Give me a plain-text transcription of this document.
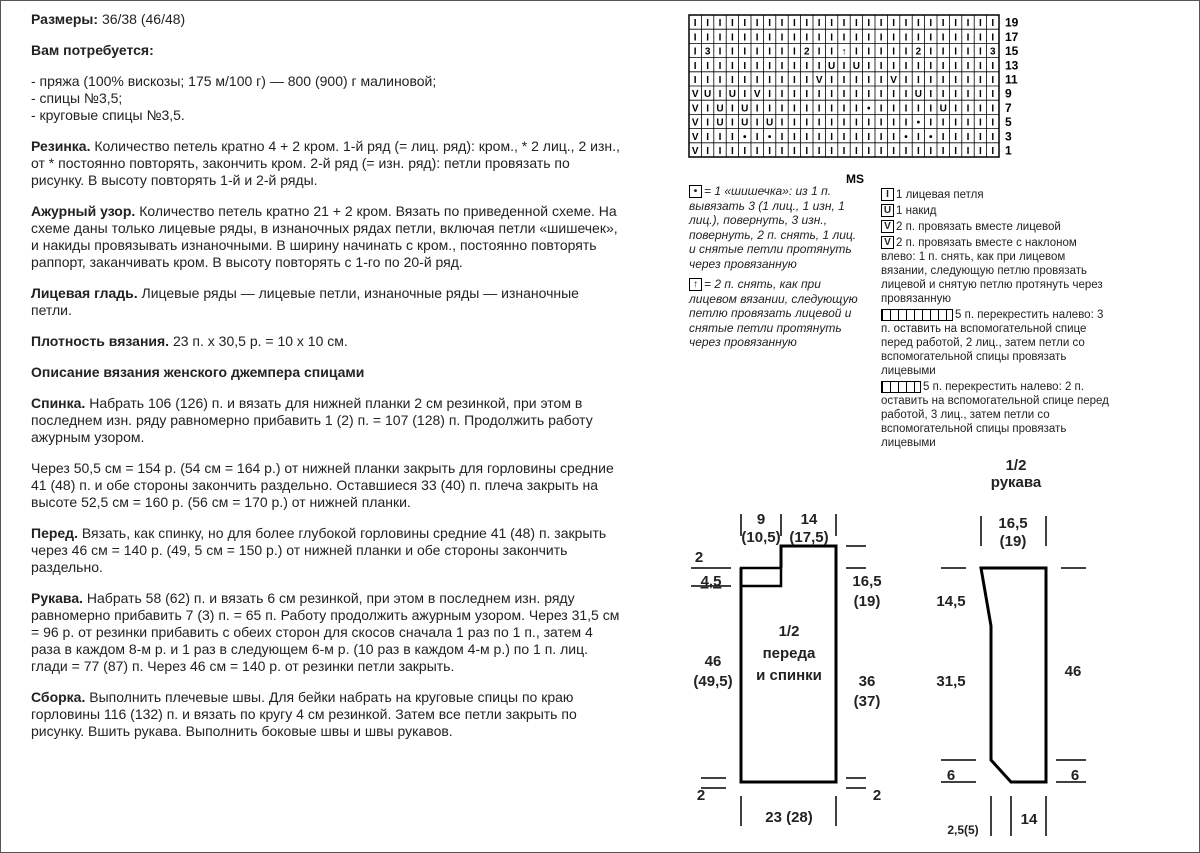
Размеры: 36/38 (46/48)

Вам потребуется:

- пряжа (100% вискозы; 175 м/100 г) — 800 (900) г малиновой;
- спицы №3,5;
- круговые спицы №3,5.

Резинка. Количество петель кратно 4 + 2 кром. 1-й ряд (= лиц. ряд): кром., * 2 лиц., 2 изн., от * постоянно повторять, закончить кром. 2-й ряд (= изн. ряд): петли провязать по рисунку. В высоту повторять 1-й и 2-й ряды.

Ажурный узор. Количество петель кратно 21 + 2 кром. Вязать по приведенной схеме. На схеме даны только лицевые ряды, в изнаночных рядах петли, включая петли «шишечек», и накиды провязывать изнаночными. В ширину начинать с кром., постоянно повторять раппорт, заканчивать кром. В высоту повторять с 1-го по 20-й ряд.

Лицевая гладь. Лицевые ряды — лицевые петли, изнаночные ряды — изнаночные петли.

Плотность вязания. 23 п. х 30,5 р. = 10 х 10 см.

Описание вязания женского джемпера спицами

Спинка. Набрать 106 (126) п. и вязать для нижней планки 2 см резинкой, при этом в последнем изн. ряду равномерно прибавить 1 (2) п. = 107 (128) п. Продолжить работу ажурным узором.

Через 50,5 см = 154 р. (54 см = 164 р.) от нижней планки закрыть для горловины средние 41 (48) п. и обе стороны закончить раздельно. Оставшиеся 33 (40) п. плеча закрыть на высоте 52,5 см = 160 р. (56 см = 170 р.) от нижней планки.

Перед. Вязать, как спинку, но для более глубокой горловины средние 41 (48) п. закрыть через 46 см = 140 р. (49, 5 см = 150 р.) от нижней планки и обе стороны закончить раздельно.

Рукава. Набрать 58 (62) п. и вязать 6 см резинкой, при этом в последнем изн. ряду равномерно прибавить 7 (3) п. = 65 п. Работу продолжить ажурным узором. Через 31,5 см = 96 р. от резинки прибавить с обеих сторон для скосов сначала 1 раз по 1 п., затем 4 раза в каждом 8-м р. и 1 раз в следующем 6-м р. (10 раз в каждом 4-м р.) по 1 п. лиц. глади = 77 (87) п. Через 46 см = 140 р. от резинки петли закрыть.

Сборка. Выполнить плечевые швы. Для бейки набрать на круговые спицы по краю горловины 116 (132) п. и вязать по кругу 4 см резинкой. Затем все петли закрыть по рисунку. Вшить рукава. Выполнить боковые швы и швы рукавов.

19
17
15
13
11
9
7
5
3
1
I I I I I I I I I I I I I I I I I I I I I I I I I
I I I I I I I I I I I I I I I I I I I I I I I I I
I 3 I I I I I I I 2 I I ↑ I I I I I 2 I I I I I 3
I I I I I I I I I I I U I U I I I I I I I I I I I
I I I I I I I I I I V I I I I I V I I I I I I I I
V U I U I V I I I I I I I I I I I I U I I I I I I
V I U I U I I I I I I I I I • I I I I I U I I I I
V I U I U I U I I I I I I I I I I I • I I I I I I
V I I I • I • I I I I I I I I I I • I • I I I I I
V I I I I I I I I I I I I I I I I I I I I I I I I
MS
• = 1 «шишечка»: из 1 п. вывязать 3 (1 лиц., 1 изн, 1 лиц.), повернуть, 3 изн., повернуть, 2 п. снять, 1 лиц. и снятые петли протянуть через провязанную
↑ = 2 п. снять, как при лицевом вязании, следующую петлю провязать лицевой и снятые петли протянуть через провязанную
I 1 лицевая петля
U 1 накид
V 2 п. провязать вместе лицевой
V 2 п. провязать вместе с наклоном влево: 1 п. снять, как при лицевом вязании, следующую петлю провязать лицевой и снятую петлю протянуть через провязанную
5 п. перекрестить налево: 3 п. оставить на вспомогательной спице перед работой, 2 лиц., затем петли со вспомогательной спицы провязать лицевыми
5 п. перекрестить налево: 2 п. оставить на вспомогательной спице перед работой, 3 лиц., затем петли со вспомогательной спицы провязать лицевыми
1/2
рукава
9
(10,5)
14
(17,5)
2
4,5
46
(49,5)
1/2
переда
и спинки
16,5
(19)
36
(37)
2	2
23 (28)
16,5
(19)
14,5
31,5
46
6	6
2,5(5)
14
